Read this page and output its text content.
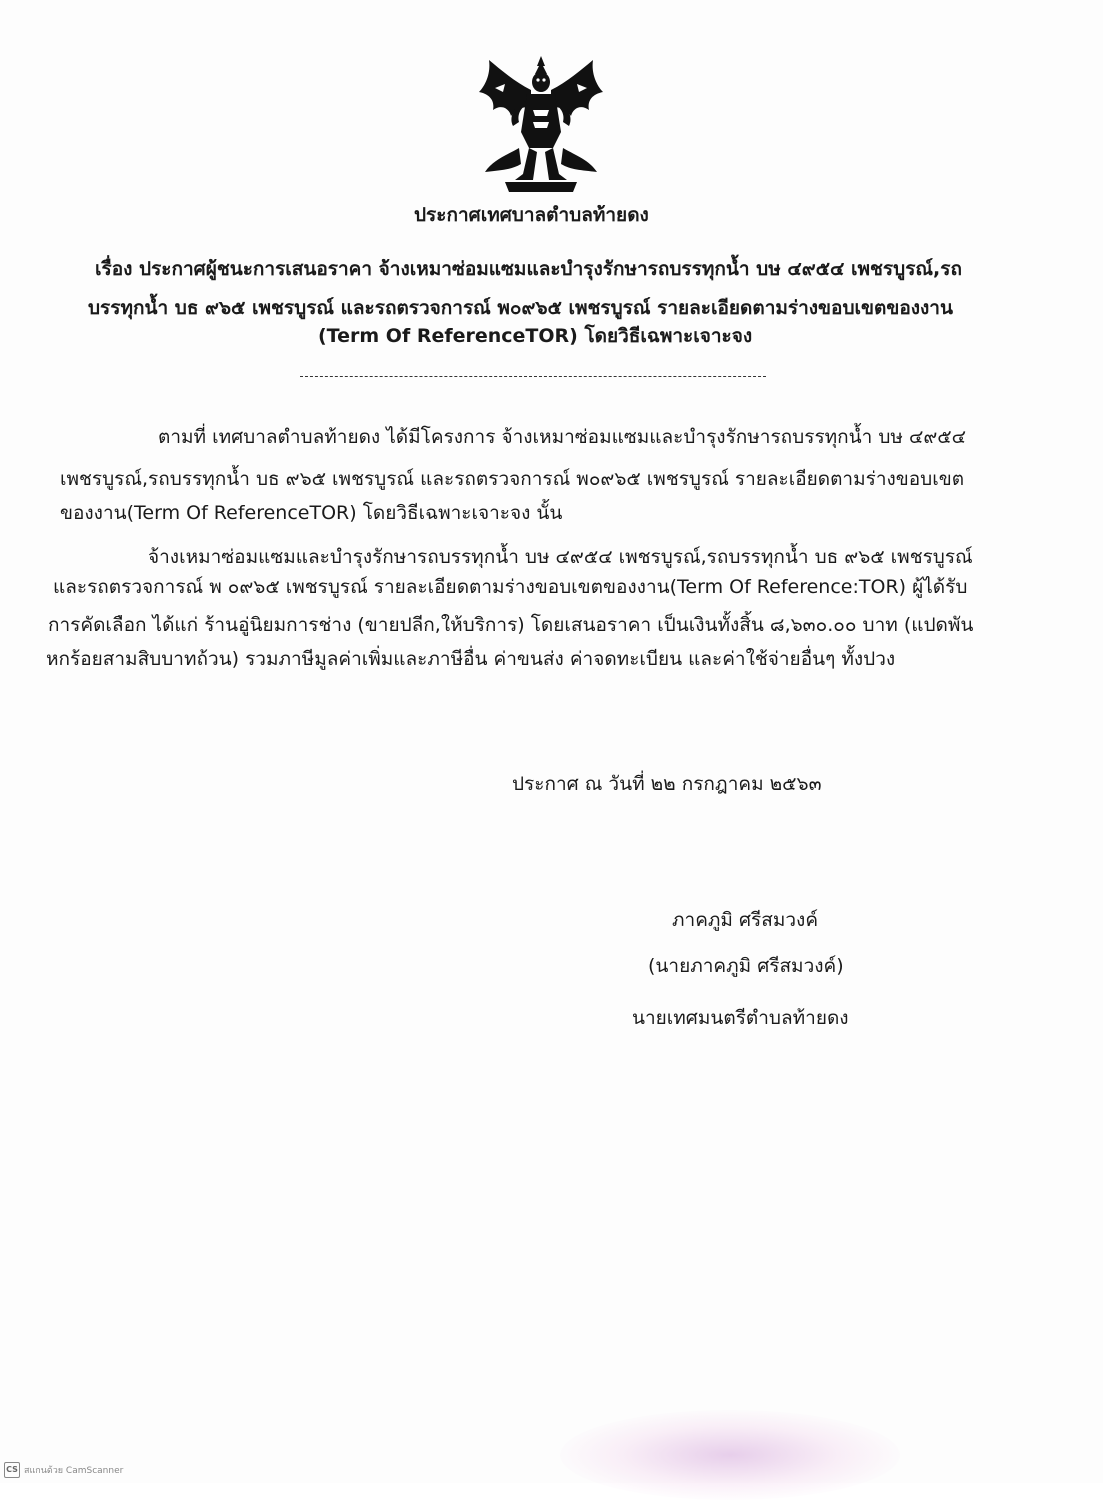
ประกาศเทศบาลตำบลท้ายดง
เรื่อง ประกาศผู้ชนะการเสนอราคา จ้างเหมาซ่อมแซมและบำรุงรักษารถบรรทุกน้ำ บษ ๔๙๕๔ เพชรบูรณ์,รถ
บรรทุกน้ำ บธ ๙๖๕ เพชรบูรณ์ และรถตรวจการณ์ พ๐๙๖๕ เพชรบูรณ์ รายละเอียดตามร่างขอบเขตของงาน
(Term Of ReferenceTOR) โดยวิธีเฉพาะเจาะจง
ตามที่ เทศบาลตำบลท้ายดง ได้มีโครงการ จ้างเหมาซ่อมแซมและบำรุงรักษารถบรรทุกน้ำ บษ ๔๙๕๔
เพชรบูรณ์,รถบรรทุกน้ำ บธ ๙๖๕ เพชรบูรณ์ และรถตรวจการณ์ พ๐๙๖๕ เพชรบูรณ์ รายละเอียดตามร่างขอบเขต
ของงาน(Term Of ReferenceTOR) โดยวิธีเฉพาะเจาะจง นั้น
จ้างเหมาซ่อมแซมและบำรุงรักษารถบรรทุกน้ำ บษ ๔๙๕๔ เพชรบูรณ์,รถบรรทุกน้ำ บธ ๙๖๕ เพชรบูรณ์
และรถตรวจการณ์ พ ๐๙๖๕ เพชรบูรณ์ รายละเอียดตามร่างขอบเขตของงาน(Term Of Reference:TOR) ผู้ได้รับ
การคัดเลือก ได้แก่ ร้านอู่นิยมการช่าง (ขายปลีก,ให้บริการ) โดยเสนอราคา เป็นเงินทั้งสิ้น ๘,๖๓๐.๐๐ บาท (แปดพัน
หกร้อยสามสิบบาทถ้วน) รวมภาษีมูลค่าเพิ่มและภาษีอื่น ค่าขนส่ง ค่าจดทะเบียน และค่าใช้จ่ายอื่นๆ ทั้งปวง
ประกาศ ณ วันที่ ๒๒ กรกฎาคม ๒๕๖๓
ภาคภูมิ ศรีสมวงค์
(นายภาคภูมิ ศรีสมวงค์)
นายเทศมนตรีตำบลท้ายดง
CS สแกนด้วย CamScanner
